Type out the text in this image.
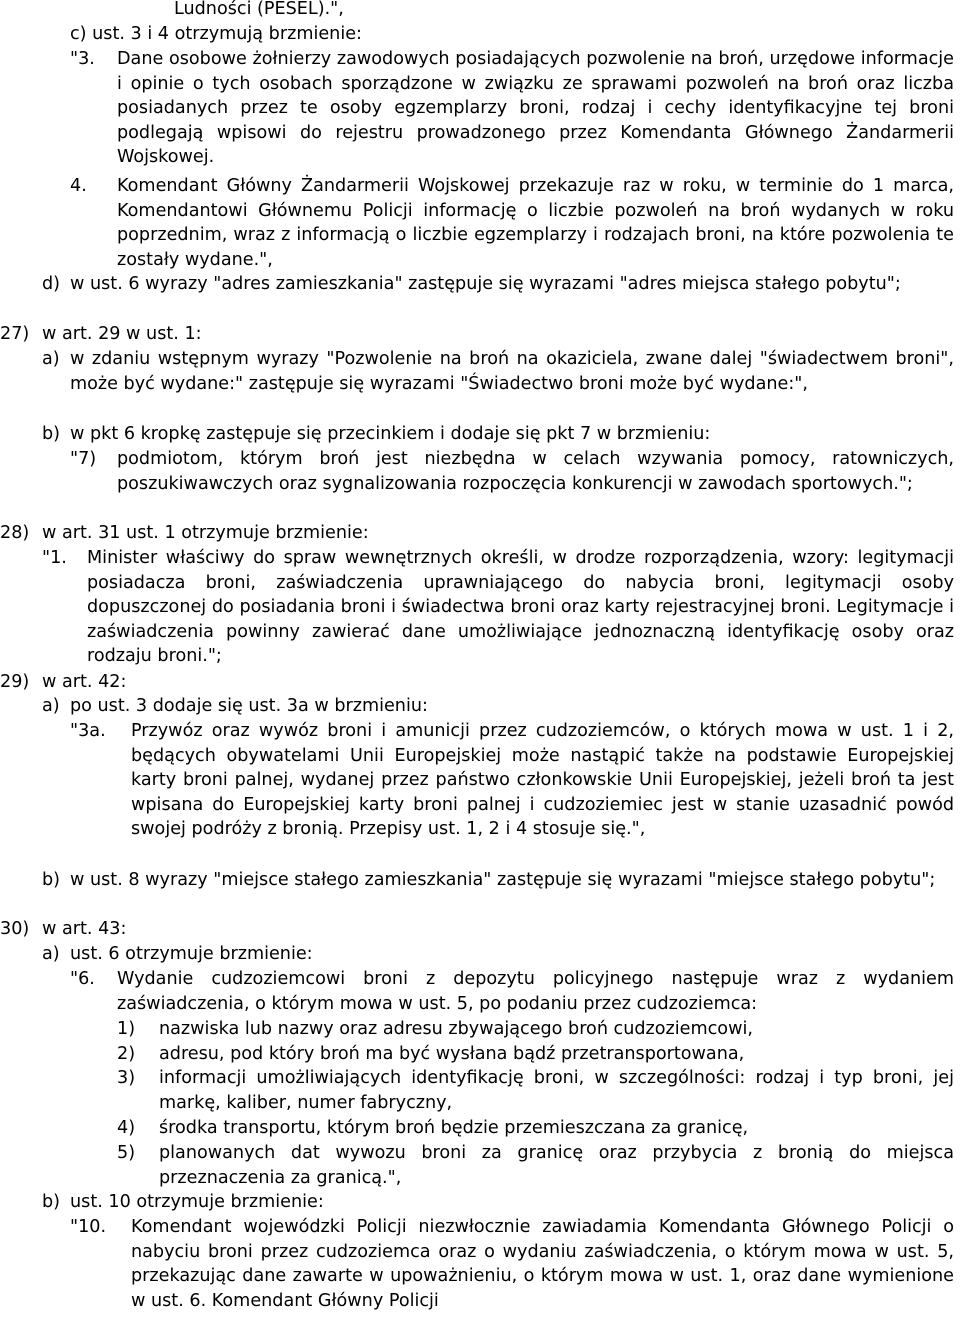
Ludności (PESEL).",
c) ust. 3 i 4 otrzymują brzmienie:
"3.	Dane osobowe żołnierzy zawodowych posiadających pozwolenie na broń, urzędowe informacje i opinie o tych osobach sporządzone w związku ze sprawami pozwoleń na broń oraz liczba posiadanych przez te osoby egzemplarzy broni, rodzaj i cechy identyfikacyjne tej broni podlegają wpisowi do rejestru prowadzonego przez Komendanta Głównego Żandarmerii Wojskowej.

4.	Komendant Główny Żandarmerii Wojskowej przekazuje raz w roku, w terminie do 1 marca, Komendantowi Głównemu Policji informację o liczbie pozwoleń na broń wydanych w roku poprzednim, wraz z informacją o liczbie egzemplarzy i rodzajach broni, na które pozwolenia te zostały wydane.",

d) w ust. 6 wyrazy "adres zamieszkania" zastępuje się wyrazami "adres miejsca stałego pobytu";

27) w art. 29 w ust. 1:

a) w zdaniu wstępnym wyrazy "Pozwolenie na broń na okaziciela, zwane dalej "świadectwem broni", może być wydane:" zastępuje się wyrazami "Świadectwo broni może być wydane:",

b) w pkt 6 kropkę zastępuje się przecinkiem i dodaje się pkt 7 w brzmieniu:

"7)	podmiotom, którym broń jest niezbędna w celach wzywania pomocy, ratowniczych, poszukiwawczych oraz sygnalizowania rozpoczęcia konkurencji w zawodach sportowych.";

28) w art. 31 ust. 1 otrzymuje brzmienie:

"1.	Minister właściwy do spraw wewnętrznych określi, w drodze rozporządzenia, wzory: legitymacji posiadacza broni, zaświadczenia uprawniającego do nabycia broni, legitymacji osoby dopuszczonej do posiadania broni i świadectwa broni oraz karty rejestracyjnej broni. Legitymacje i zaświadczenia powinny zawierać dane umożliwiające jednoznaczną identyfikację osoby oraz rodzaju broni.";

29) w art. 42:

a) po ust. 3 dodaje się ust. 3a w brzmieniu:

"3a.	Przywóz oraz wywóz broni i amunicji przez cudzoziemców, o których mowa w ust. 1 i 2, będących obywatelami Unii Europejskiej może nastąpić także na podstawie Europejskiej karty broni palnej, wydanej przez państwo członkowskie Unii Europejskiej, jeżeli broń ta jest wpisana do Europejskiej karty broni palnej i cudzoziemiec jest w stanie uzasadnić powód swojej podróży z bronią. Przepisy ust. 1, 2 i 4 stosuje się.",

b) w ust. 8 wyrazy "miejsce stałego zamieszkania" zastępuje się wyrazami "miejsce stałego pobytu";

30) w art. 43:

a) ust. 6 otrzymuje brzmienie:

"6.	Wydanie cudzoziemcowi broni z depozytu policyjnego następuje wraz z wydaniem zaświadczenia, o którym mowa w ust. 5, po podaniu przez cudzoziemca:

1)	nazwiska lub nazwy oraz adresu zbywającego broń cudzoziemcowi,

2)	adresu, pod który broń ma być wysłana bądź przetransportowana,

3)	informacji umożliwiających identyfikację broni, w szczególności: rodzaj i typ broni, jej markę, kaliber, numer fabryczny,

4)	środka transportu, którym broń będzie przemieszczana za granicę,

5)	planowanych dat wywozu broni za granicę oraz przybycia z bronią do miejsca przeznaczenia za granicą.",

b) ust. 10 otrzymuje brzmienie:

"10.	Komendant wojewódzki Policji niezwłocznie zawiadamia Komendanta Głównego Policji o nabyciu broni przez cudzoziemca oraz o wydaniu zaświadczenia, o którym mowa w ust. 5, przekazując dane zawarte w upoważnieniu, o którym mowa w ust. 1, oraz dane wymienione w ust. 6. Komendant Główny Policji
